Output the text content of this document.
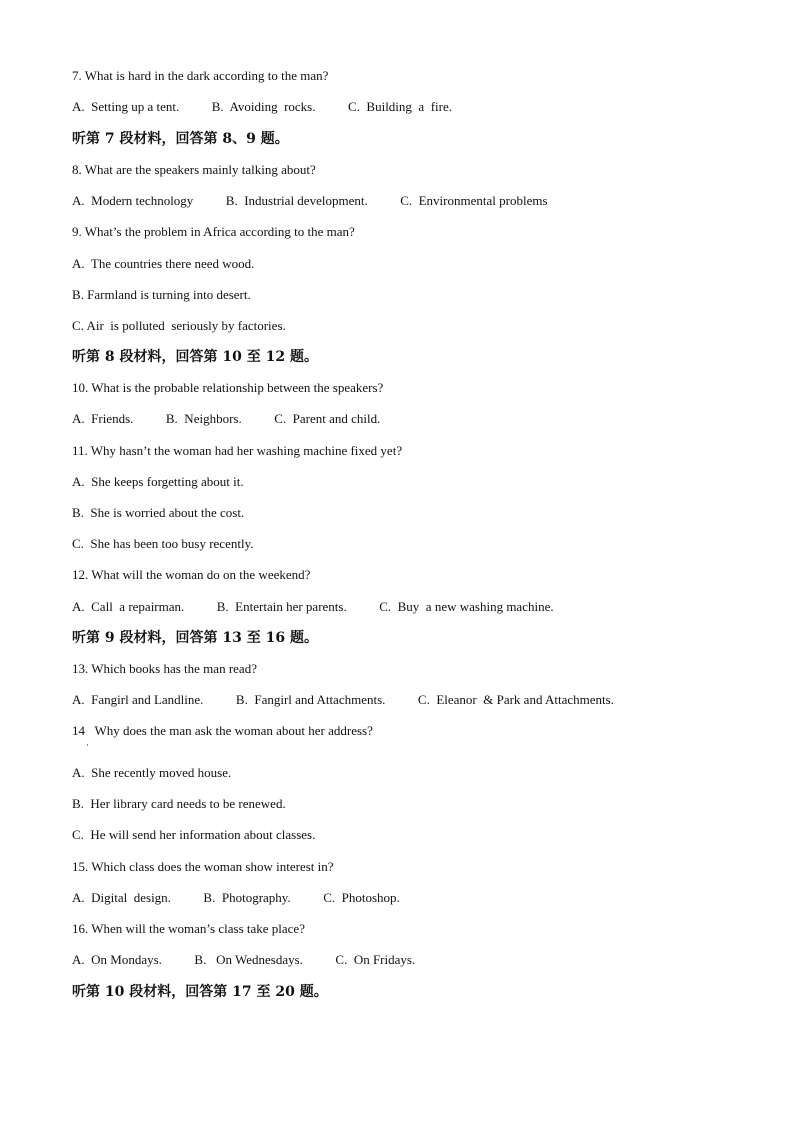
7. What is hard in the dark according to the man?
A.  Setting up a tent.          B.  Avoiding  rocks.          C.  Building  a  fire.
听第 7 段材料，回答第 8、9 题。
8. What are the speakers mainly talking about?
A.  Modern technology          B.  Industrial development.          C.  Environmental problems
9. What’s the problem in Africa according to the man?
A.  The countries there need wood.
B. Farmland is turning into desert.
C. Air  is polluted  seriously by factories.
听第 8 段材料，回答第 10 至 12 题。
10. What is the probable relationship between the speakers?
A.  Friends.          B.  Neighbors.          C.  Parent and child.
11. Why hasn’t the woman had her washing machine fixed yet?
A.  She keeps forgetting about it.
B.  She is worried about the cost.
C.  She has been too busy recently.
12. What will the woman do on the weekend?
A.  Call  a repairman.          B.  Entertain her parents.          C.  Buy  a new washing machine.
听第 9 段材料，回答第 13 至 16 题。
13. Which books has the man read?
A.  Fangirl and Landline.          B.  Fangirl and Attachments.          C.  Eleanor  & Park and Attachments.
14   Why does the man ask the woman about her address?
·
A.  She recently moved house.
B.  Her library card needs to be renewed.
C.  He will send her information about classes.
15. Which class does the woman show interest in?
A.  Digital  design.          B.  Photography.          C.  Photoshop.
16. When will the woman’s class take place?
A.  On Mondays.          B.   On Wednesdays.          C.  On Fridays.
听第 10 段材料，回答第 17 至 20 题。
